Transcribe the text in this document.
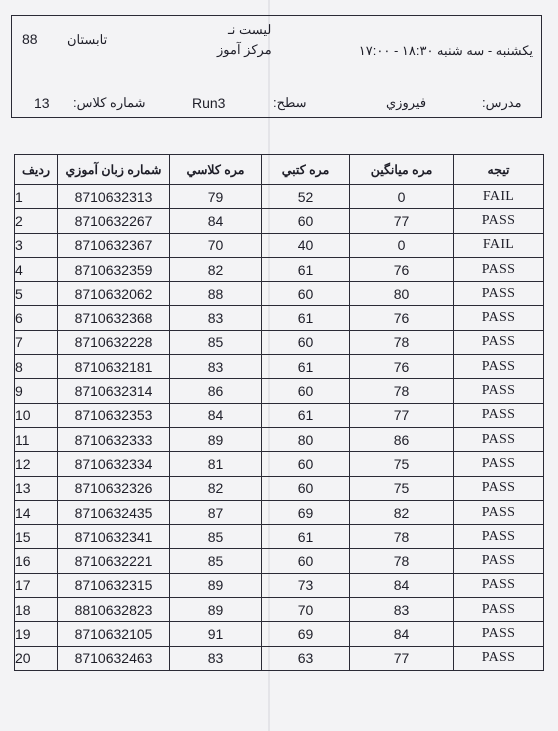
88 تابستان
لیست نـ
مرکز آموز	یکشنبه - سه شنبه ۱۸:۳۰ - ۱۷:۰۰
13 شماره کلاس:	Run3	سطح:	فیروزي	مدرس:
تیجه	مره میانگین	مره کتبي	مره کلاسي	شماره زبان آموزي	ردیف
FAIL	0	52	79	8710632313	1
PASS	77	60	84	8710632267	2
FAIL	0	40	70	8710632367	3
PASS	76	61	82	8710632359	4
PASS	80	60	88	8710632062	5
PASS	76	61	83	8710632368	6
PASS	78	60	85	8710632228	7
PASS	76	61	83	8710632181	8
PASS	78	60	86	8710632314	9
PASS	77	61	84	8710632353	10
PASS	86	80	89	8710632333	11
PASS	75	60	81	8710632334	12
PASS	75	60	82	8710632326	13
PASS	82	69	87	8710632435	14
PASS	78	61	85	8710632341	15
PASS	78	60	85	8710632221	16
PASS	84	73	89	8710632315	17
PASS	83	70	89	8810632823	18
PASS	84	69	91	8710632105	19
PASS	77	63	83	8710632463	20
